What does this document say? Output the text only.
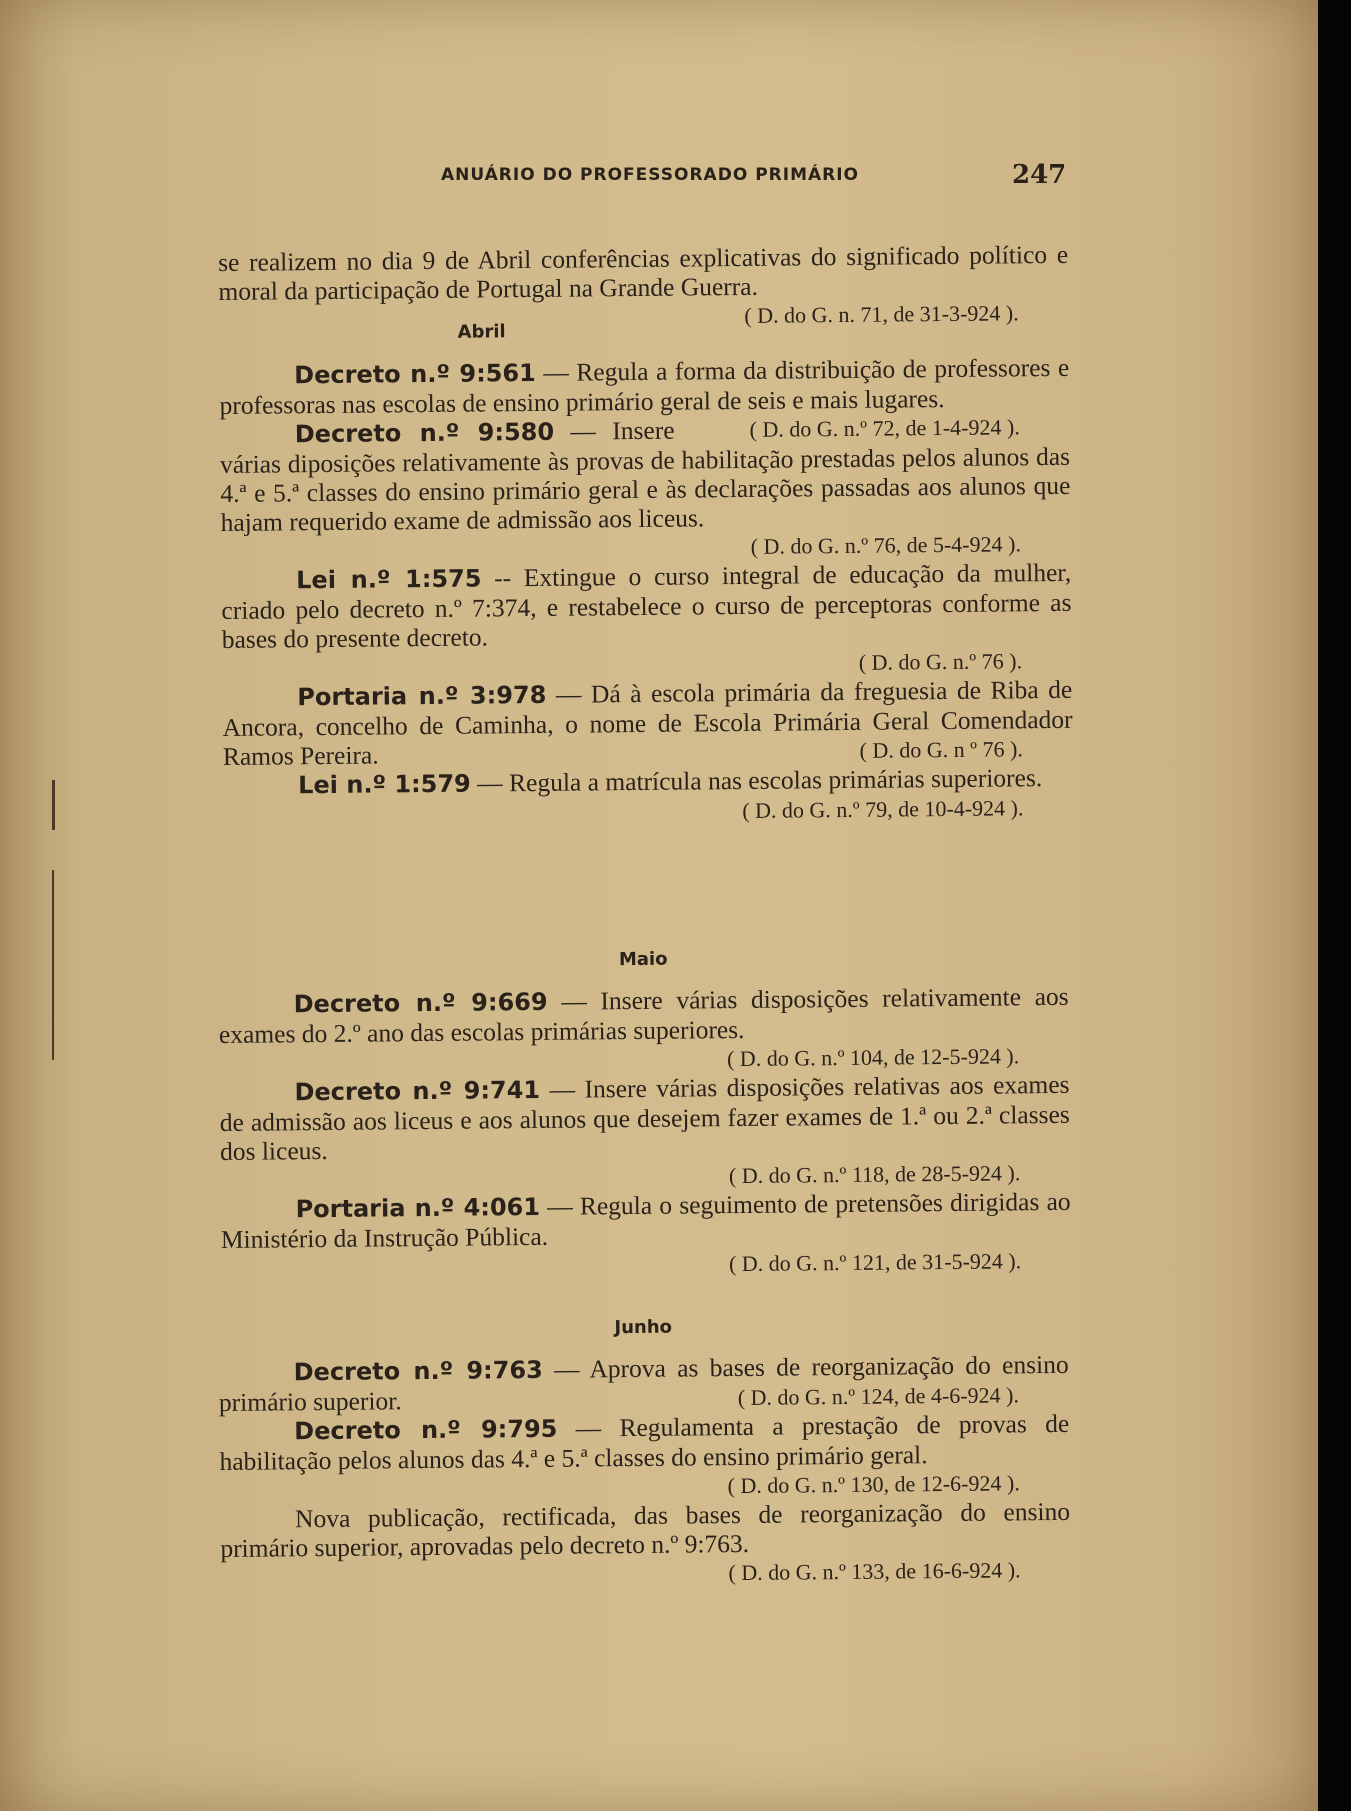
ANUÁRIO DO PROFESSORADO PRIMÁRIO	247

se realizem no dia 9 de Abril conferências explicativas do significado político e moral da participação de Portugal na Grande Guerra.
( D. do G. n. 71, de 31-3-924 ).

Abril

Decreto n.º 9:561 — Regula a forma da distribuição de professores e professoras nas escolas de ensino primário geral de seis e mais lugares.
( D. do G. n.º 72, de 1-4-924 ).

Decreto n.º 9:580 — Insere várias diposições relativamente às provas de habilitação prestadas pelos alunos das 4.ª e 5.ª classes do ensino primário geral e às declarações passadas aos alunos que hajam requerido exame de admissão aos liceus.
( D. do G. n.º 76, de 5-4-924 ).

Lei n.º 1:575 -- Extingue o curso integral de educação da mulher, criado pelo decreto n.º 7:374, e restabelece o curso de perceptoras conforme as bases do presente decreto.
( D. do G. n.º 76 ).

Portaria n.º 3:978 — Dá à escola primária da freguesia de Riba de Ancora, concelho de Caminha, o nome de Escola Primária Geral Comendador Ramos Pereira.	( D. do G. n º 76 ).

Lei n.º 1:579 — Regula a matrícula nas escolas primárias superiores.
( D. do G. n.º 79, de 10-4-924 ).

Maio

Decreto n.º 9:669 — Insere várias disposições relativamente aos exames do 2.º ano das escolas primárias superiores.
( D. do G. n.º 104, de 12-5-924 ).

Decreto n.º 9:741 — Insere várias disposições relativas aos exames de admissão aos liceus e aos alunos que desejem fazer exames de 1.ª ou 2.ª classes dos liceus.
( D. do G. n.º 118, de 28-5-924 ).

Portaria n.º 4:061 — Regula o seguimento de pretensões dirigidas ao Ministério da Instrução Pública.
( D. do G. n.º 121, de 31-5-924 ).

Junho

Decreto n.º 9:763 — Aprova as bases de reorganização do ensino primário superior.	( D. do G. n.º 124, de 4-6-924 ).

Decreto n.º 9:795 — Regulamenta a prestação de provas de habilitação pelos alunos das 4.ª e 5.ª classes do ensino primário geral.
( D. do G. n.º 130, de 12-6-924 ).

Nova publicação, rectificada, das bases de reorganização do ensino primário superior, aprovadas pelo decreto n.º 9:763.
( D. do G. n.º 133, de 16-6-924 ).
